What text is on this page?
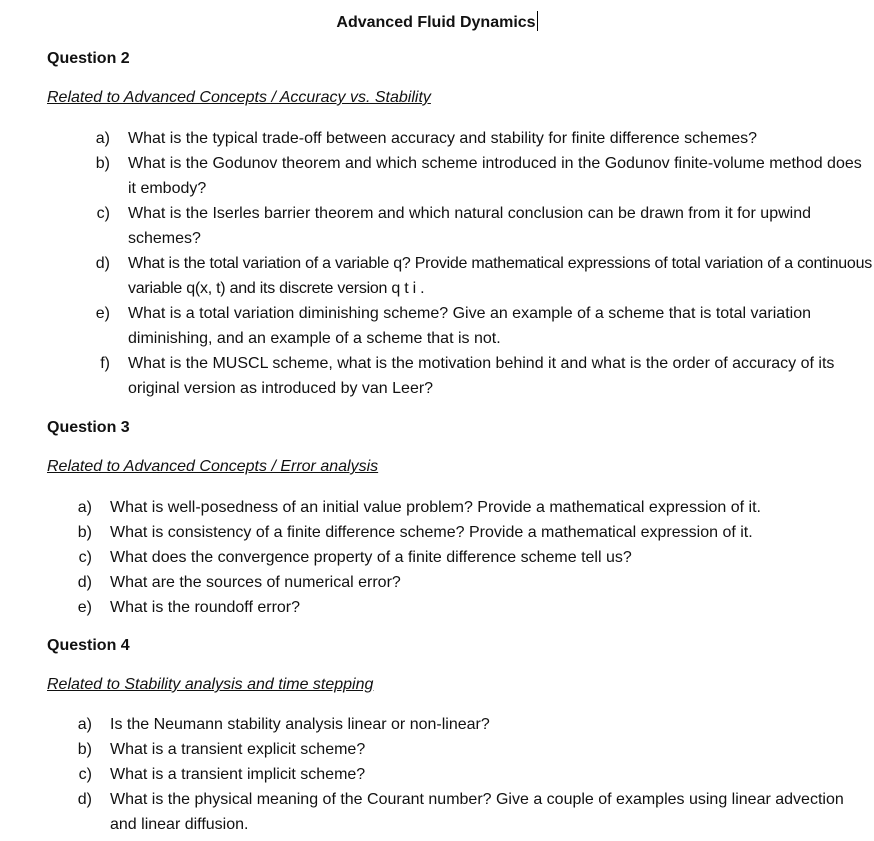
Advanced Fluid Dynamics
Question 2
Related to Advanced Concepts / Accuracy vs. Stability
a) What is the typical trade-off between accuracy and stability for finite difference schemes?
b) What is the Godunov theorem and which scheme introduced in the Godunov finite-volume method does it embody?
c) What is the Iserles barrier theorem and which natural conclusion can be drawn from it for upwind schemes?
d) What is the total variation of a variable q? Provide mathematical expressions of total variation of a continuous variable q(x, t) and its discrete version q t i .
e) What is a total variation diminishing scheme? Give an example of a scheme that is total variation diminishing, and an example of a scheme that is not.
f) What is the MUSCL scheme, what is the motivation behind it and what is the order of accuracy of its original version as introduced by van Leer?
Question 3
Related to Advanced Concepts / Error analysis
a) What is well-posedness of an initial value problem? Provide a mathematical expression of it.
b) What is consistency of a finite difference scheme? Provide a mathematical expression of it.
c) What does the convergence property of a finite difference scheme tell us?
d) What are the sources of numerical error?
e) What is the roundoff error?
Question 4
Related to Stability analysis and time stepping
a) Is the Neumann stability analysis linear or non-linear?
b) What is a transient explicit scheme?
c) What is a transient implicit scheme?
d) What is the physical meaning of the Courant number? Give a couple of examples using linear advection and linear diffusion.
